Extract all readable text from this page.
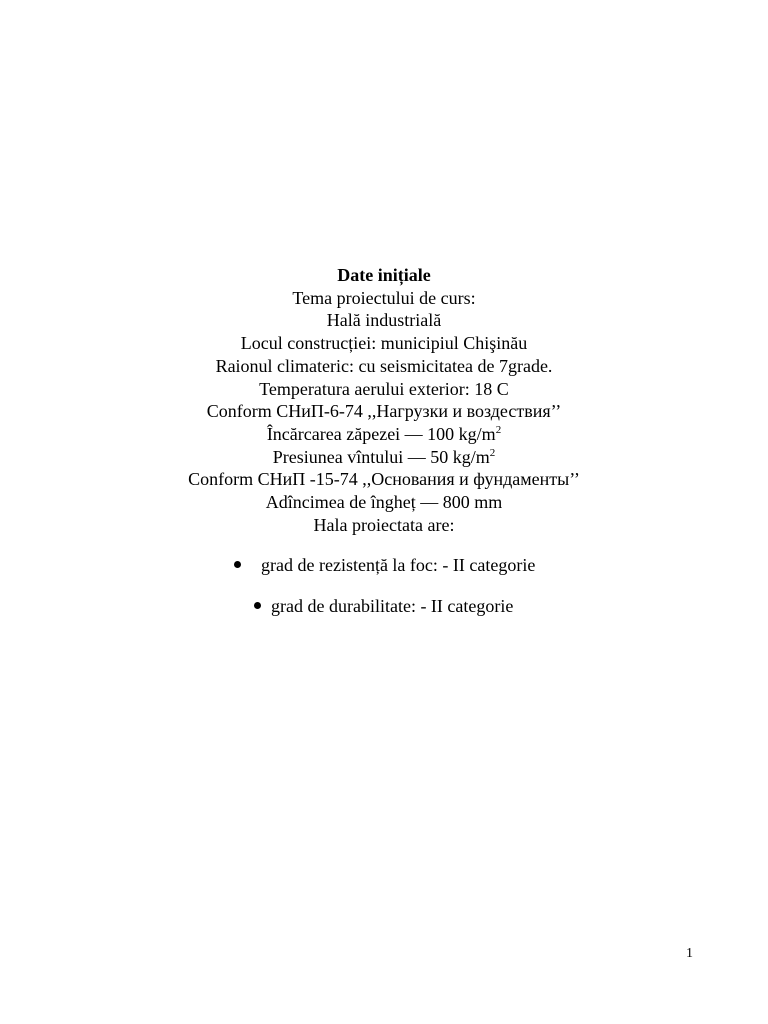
Date inițiale
Tema proiectului de curs:
Hală industrială
Locul construcției: municipiul Chişinău
Raionul climateric: cu seismicitatea de 7grade.
Temperatura aerului exterior: 18 C
Conform СНиП-6-74 ,,Нагрузки и воздествия’’
Încărcarea zăpezei — 100 $kg/m^2$
Presiunea vîntului — 50 $kg/m^2$
Conform СНиП -15-74 ,,Основания и фундаменты’’
Adîncimea de îngheț — 800 mm
Hala proiectata are:
grad de rezistență la foc: - II categorie
grad de durabilitate: - II categorie
1
